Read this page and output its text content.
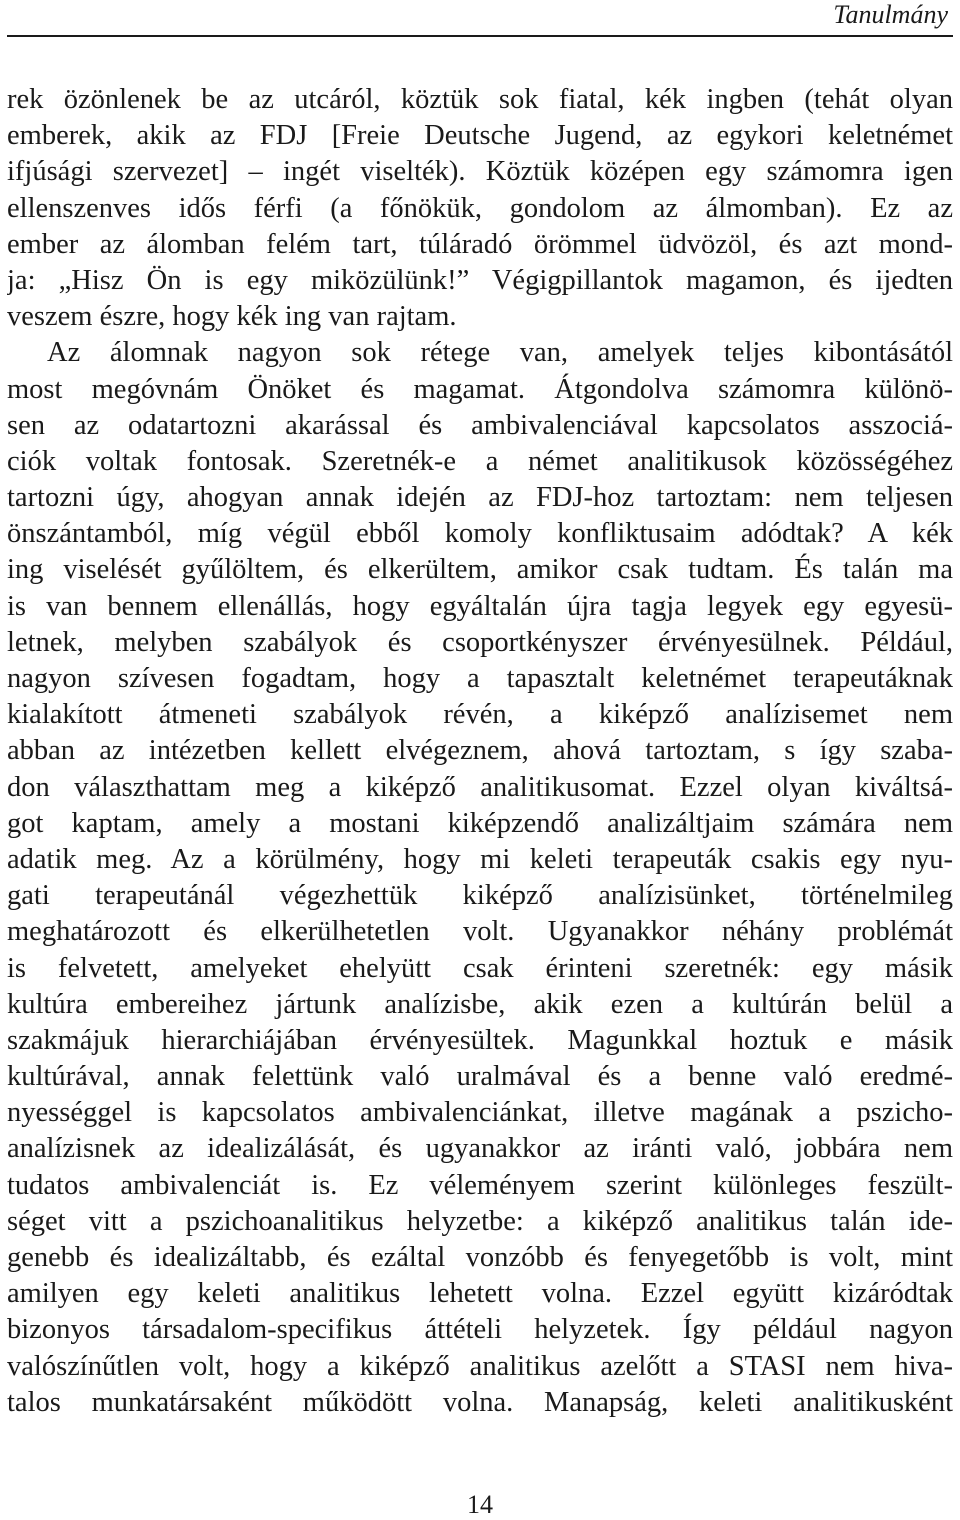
Tanulmány
rek özönlenek be az utcáról, köztük sok fiatal, kék ingben (tehát olyan
emberek, akik az FDJ [Freie Deutsche Jugend, az egykori keletnémet
ifjúsági szervezet] – ingét viselték). Köztük középen egy számomra igen
ellenszenves idős férfi (a főnökük, gondolom az álmomban). Ez az
ember az álomban felém tart, túláradó örömmel üdvözöl, és azt mond-
ja: „Hisz Ön is egy miközülünk!” Végigpillantok magamon, és ijedten
veszem észre, hogy kék ing van rajtam.
Az álomnak nagyon sok rétege van, amelyek teljes kibontásától
most megóvnám Önöket és magamat. Átgondolva számomra különö-
sen az odatartozni akarással és ambivalenciával kapcsolatos asszociá-
ciók voltak fontosak. Szeretnék-e a német analitikusok közösségéhez
tartozni úgy, ahogyan annak idején az FDJ-hoz tartoztam: nem teljesen
önszántamból, míg végül ebből komoly konfliktusaim adódtak? A kék
ing viselését gyűlöltem, és elkerültem, amikor csak tudtam. És talán ma
is van bennem ellenállás, hogy egyáltalán újra tagja legyek egy egyesü-
letnek, melyben szabályok és csoportkényszer érvényesülnek. Például,
nagyon szívesen fogadtam, hogy a tapasztalt keletnémet terapeutáknak
kialakított átmeneti szabályok révén, a kiképző analízisemet nem
abban az intézetben kellett elvégeznem, ahová tartoztam, s így szaba-
don választhattam meg a kiképző analitikusomat. Ezzel olyan kiváltsá-
got kaptam, amely a mostani kiképzendő analizáltjaim számára nem
adatik meg. Az a körülmény, hogy mi keleti terapeuták csakis egy nyu-
gati terapeutánál végezhettük kiképző analízisünket, történelmileg
meghatározott és elkerülhetetlen volt. Ugyanakkor néhány problémát
is felvetett, amelyeket ehelyütt csak érinteni szeretnék: egy másik
kultúra embereihez jártunk analízisbe, akik ezen a kultúrán belül a
szakmájuk hierarchiájában érvényesültek. Magunkkal hoztuk e másik
kultúrával, annak felettünk való uralmával és a benne való eredmé-
nyességgel is kapcsolatos ambivalenciánkat, illetve magának a pszicho-
analízisnek az idealizálását, és ugyanakkor az iránti való, jobbára nem
tudatos ambivalenciát is. Ez véleményem szerint különleges feszült-
séget vitt a pszichoanalitikus helyzetbe: a kiképző analitikus talán ide-
genebb és idealizáltabb, és ezáltal vonzóbb és fenyegetőbb is volt, mint
amilyen egy keleti analitikus lehetett volna. Ezzel együtt kizáródtak
bizonyos társadalom-specifikus áttételi helyzetek. Így például nagyon
valószínűtlen volt, hogy a kiképző analitikus azelőtt a STASI nem hiva-
talos munkatársaként működött volna. Manapság, keleti analitikusként
14
